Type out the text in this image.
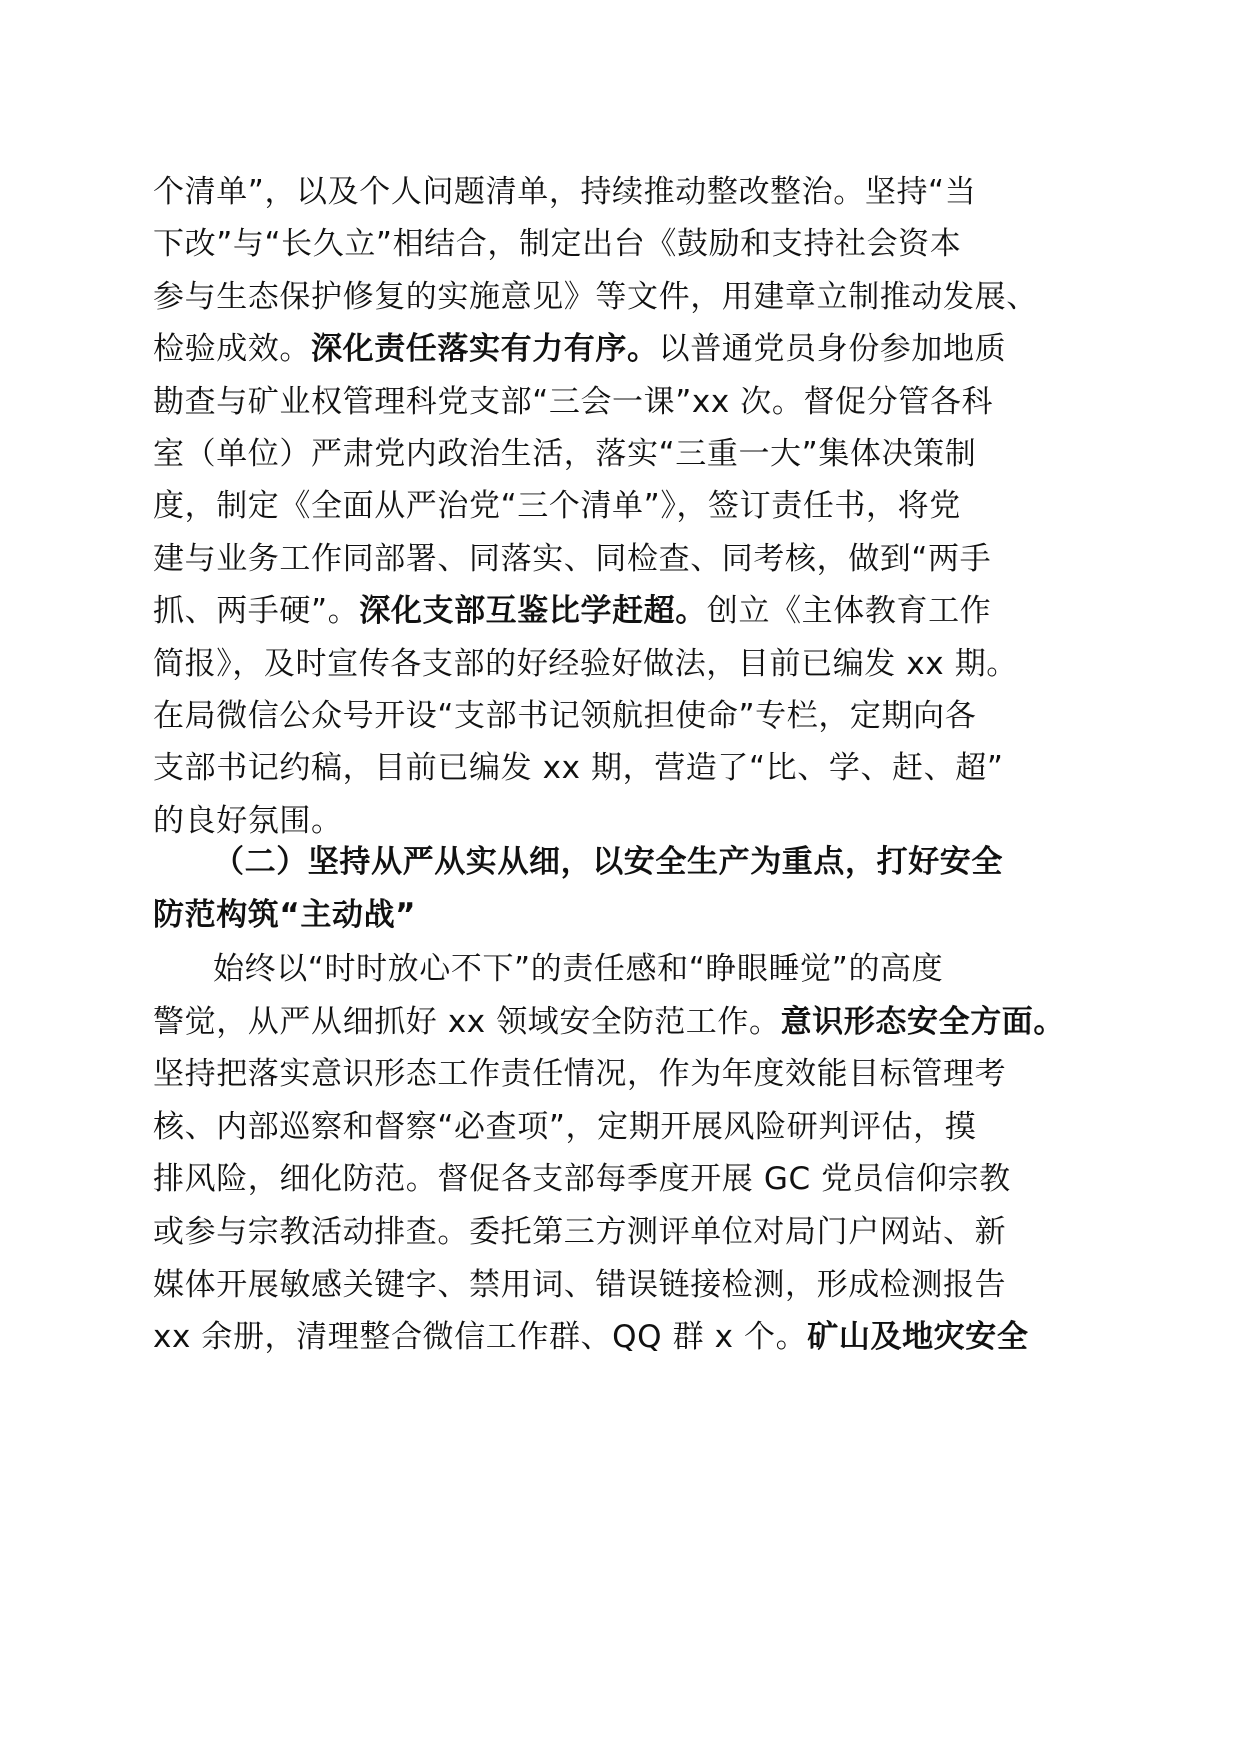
个清单”，以及个人问题清单，持续推动整改整治。坚持“当
下改”与“长久立”相结合，制定出台《鼓励和支持社会资本
参与生态保护修复的实施意见》等文件，用建章立制推动发展、
检验成效。深化责任落实有力有序。以普通党员身份参加地质
勘查与矿业权管理科党支部“三会一课”xx 次。督促分管各科
室（单位）严肃党内政治生活，落实“三重一大”集体决策制
度，制定《全面从严治党“三个清单”》，签订责任书，将党
建与业务工作同部署、同落实、同检查、同考核，做到“两手
抓、两手硬”。深化支部互鉴比学赶超。创立《主体教育工作
简报》，及时宣传各支部的好经验好做法，目前已编发 xx 期。
在局微信公众号开设“支部书记领航担使命”专栏，定期向各
支部书记约稿，目前已编发 xx 期，营造了“比、学、赶、超”
的良好氛围。
（二）坚持从严从实从细，以安全生产为重点，打好安全
防范构筑“主动战”
始终以“时时放心不下”的责任感和“睁眼睡觉”的高度
警觉，从严从细抓好 xx 领域安全防范工作。意识形态安全方面。
坚持把落实意识形态工作责任情况，作为年度效能目标管理考
核、内部巡察和督察“必查项”，定期开展风险研判评估，摸
排风险，细化防范。督促各支部每季度开展 GC 党员信仰宗教
或参与宗教活动排查。委托第三方测评单位对局门户网站、新
媒体开展敏感关键字、禁用词、错误链接检测，形成检测报告
xx 余册，清理整合微信工作群、QQ 群 x 个。矿山及地灾安全
